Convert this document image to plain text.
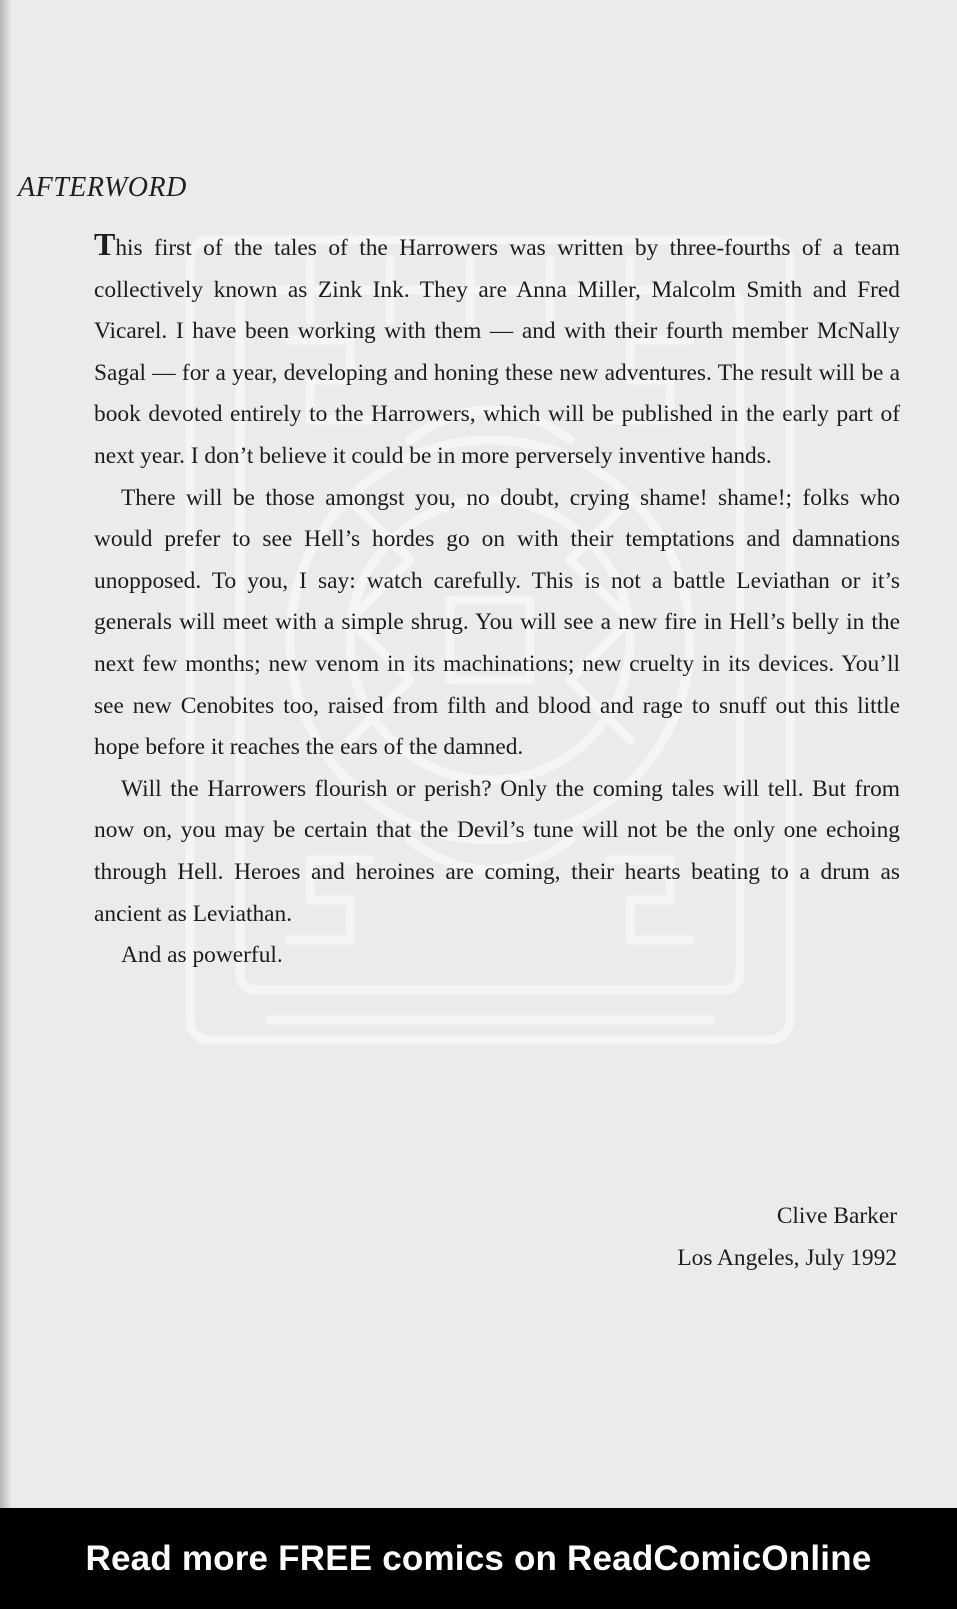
AFTERWORD

This first of the tales of the Harrowers was written by three-fourths of a team collectively known as Zink Ink. They are Anna Miller, Malcolm Smith and Fred Vicarel. I have been working with them — and with their fourth member McNally Sagal — for a year, developing and honing these new adventures. The result will be a book devoted entirely to the Harrowers, which will be published in the early part of next year. I don’t believe it could be in more perversely inventive hands.

There will be those amongst you, no doubt, crying shame! shame!; folks who would prefer to see Hell’s hordes go on with their temptations and damnations unopposed. To you, I say: watch carefully. This is not a battle Leviathan or it’s generals will meet with a simple shrug. You will see a new fire in Hell’s belly in the next few months; new venom in its machinations; new cruelty in its devices. You’ll see new Cenobites too, raised from filth and blood and rage to snuff out this little hope before it reaches the ears of the damned.

Will the Harrowers flourish or perish? Only the coming tales will tell. But from now on, you may be certain that the Devil’s tune will not be the only one echoing through Hell. Heroes and heroines are coming, their hearts beating to a drum as ancient as Leviathan.

And as powerful.

Clive Barker
Los Angeles, July 1992
Read more FREE comics on ReadComicOnline
